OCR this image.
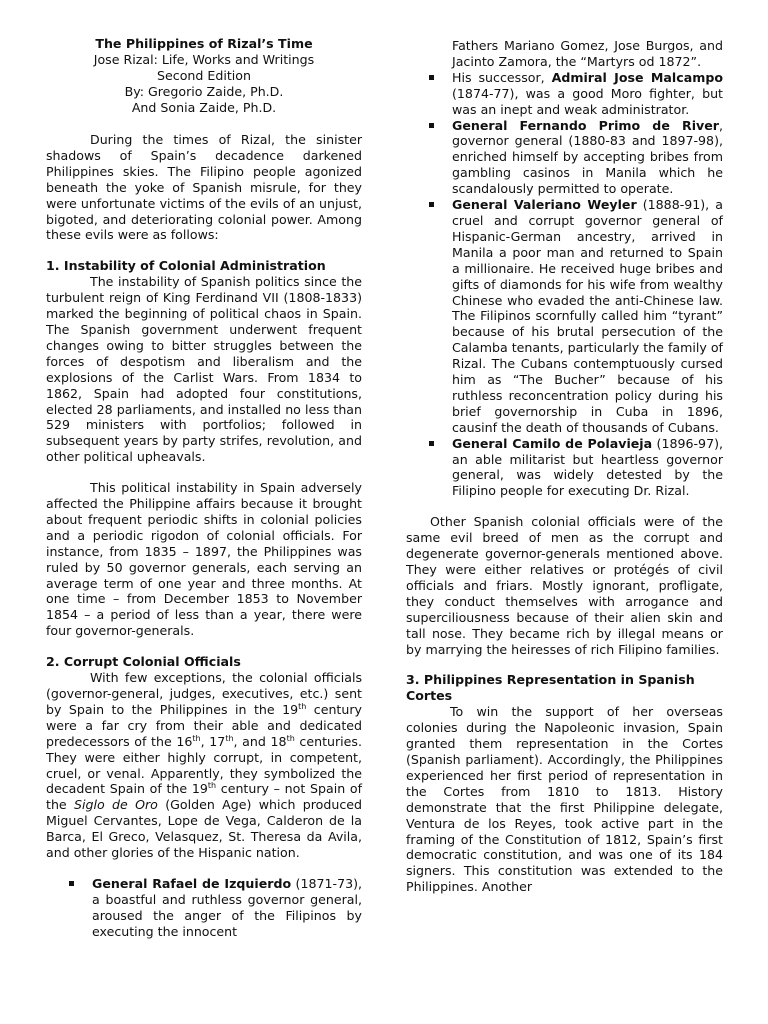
The Philippines of Rizal’s Time
Jose Rizal: Life, Works and Writings
Second Edition
By: Gregorio Zaide, Ph.D.
And Sonia Zaide, Ph.D.

During the times of Rizal, the sinister shadows of Spain’s decadence darkened Philippines skies. The Filipino people agonized beneath the yoke of Spanish misrule, for they were unfortunate victims of the evils of an unjust, bigoted, and deteriorating colonial power. Among these evils were as follows:

1. Instability of Colonial Administration

The instability of Spanish politics since the turbulent reign of King Ferdinand VII (1808-1833) marked the beginning of political chaos in Spain. The Spanish government underwent frequent changes owing to bitter struggles between the forces of despotism and liberalism and the explosions of the Carlist Wars. From 1834 to 1862, Spain had adopted four constitutions, elected 28 parliaments, and installed no less than 529 ministers with portfolios; followed in subsequent years by party strifes, revolution, and other political upheavals.

This political instability in Spain adversely affected the Philippine affairs because it brought about frequent periodic shifts in colonial policies and a periodic rigodon of colonial officials. For instance, from 1835 – 1897, the Philippines was ruled by 50 governor generals, each serving an average term of one year and three months. At one time – from December 1853 to November 1854 – a period of less than a year, there were four governor-generals.

2. Corrupt Colonial Officials

With few exceptions, the colonial officials (governor-general, judges, executives, etc.) sent by Spain to the Philippines in the 19th century were a far cry from their able and dedicated predecessors of the 16th, 17th, and 18th centuries. They were either highly corrupt, in competent, cruel, or venal. Apparently, they symbolized the decadent Spain of the 19th century – not Spain of the Siglo de Oro (Golden Age) which produced Miguel Cervantes, Lope de Vega, Calderon de la Barca, El Greco, Velasquez, St. Theresa da Avila, and other glories of the Hispanic nation.

General Rafael de Izquierdo (1871-73), a boastful and ruthless governor general, aroused the anger of the Filipinos by executing the innocent

Fathers Mariano Gomez, Jose Burgos, and Jacinto Zamora, the “Martyrs od 1872”.

His successor, Admiral Jose Malcampo (1874-77), was a good Moro fighter, but was an inept and weak administrator.
General Fernando Primo de River, governor general (1880-83 and 1897-98), enriched himself by accepting bribes from gambling casinos in Manila which he scandalously permitted to operate.
General Valeriano Weyler (1888-91), a cruel and corrupt governor general of Hispanic-German ancestry, arrived in Manila a poor man and returned to Spain a millionaire. He received huge bribes and gifts of diamonds for his wife from wealthy Chinese who evaded the anti-Chinese law. The Filipinos scornfully called him “tyrant” because of his brutal persecution of the Calamba tenants, particularly the family of Rizal. The Cubans contemptuously cursed him as “The Bucher” because of his ruthless reconcentration policy during his brief governorship in Cuba in 1896, causinf the death of thousands of Cubans.
General Camilo de Polavieja (1896-97), an able militarist but heartless governor general, was widely detested by the Filipino people for executing Dr. Rizal.

Other Spanish colonial officials were of the same evil breed of men as the corrupt and degenerate governor-generals mentioned above. They were either relatives or protégés of civil officials and friars. Mostly ignorant, profligate, they conduct themselves with arrogance and superciliousness because of their alien skin and tall nose. They became rich by illegal means or by marrying the heiresses of rich Filipino families.

3. Philippines Representation in Spanish Cortes

To win the support of her overseas colonies during the Napoleonic invasion, Spain granted them representation in the Cortes (Spanish parliament). Accordingly, the Philippines experienced her first period of representation in the Cortes from 1810 to 1813. History demonstrate that the first Philippine delegate, Ventura de los Reyes, took active part in the framing of the Constitution of 1812, Spain’s first democratic constitution, and was one of its 184 signers. This constitution was extended to the Philippines. Another
